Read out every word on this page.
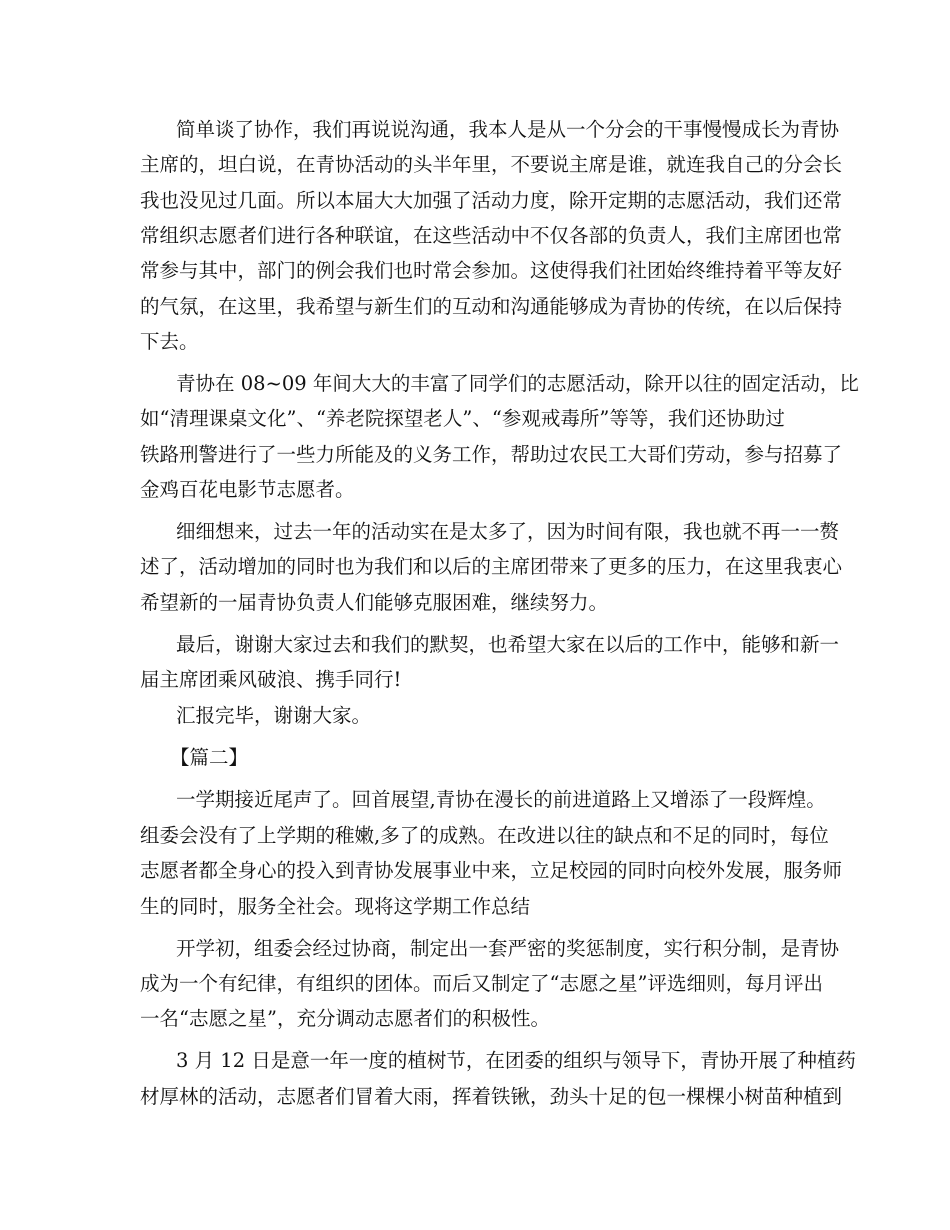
简单谈了协作，我们再说说沟通，我本人是从一个分会的干事慢慢成长为青协
主席的，坦白说，在青协活动的头半年里，不要说主席是谁，就连我自己的分会长
我也没见过几面。所以本届大大加强了活动力度，除开定期的志愿活动，我们还常
常组织志愿者们进行各种联谊，在这些活动中不仅各部的负责人，我们主席团也常
常参与其中，部门的例会我们也时常会参加。这使得我们社团始终维持着平等友好
的气氛，在这里，我希望与新生们的互动和沟通能够成为青协的传统，在以后保持
下去。
青协在 08~09 年间大大的丰富了同学们的志愿活动，除开以往的固定活动，比
如“清理课桌文化”、“养老院探望老人”、“参观戒毒所”等等，我们还协助过
铁路刑警进行了一些力所能及的义务工作，帮助过农民工大哥们劳动，参与招募了
金鸡百花电影节志愿者。
细细想来，过去一年的活动实在是太多了，因为时间有限，我也就不再一一赘
述了，活动增加的同时也为我们和以后的主席团带来了更多的压力，在这里我衷心
希望新的一届青协负责人们能够克服困难，继续努力。
最后，谢谢大家过去和我们的默契，也希望大家在以后的工作中，能够和新一
届主席团乘风破浪、携手同行!
汇报完毕，谢谢大家。
【篇二】
一学期接近尾声了。回首展望,青协在漫长的前进道路上又增添了一段辉煌。
组委会没有了上学期的稚嫩,多了的成熟。在改进以往的缺点和不足的同时，每位
志愿者都全身心的投入到青协发展事业中来，立足校园的同时向校外发展，服务师
生的同时，服务全社会。现将这学期工作总结
开学初，组委会经过协商，制定出一套严密的奖惩制度，实行积分制，是青协
成为一个有纪律，有组织的团体。而后又制定了“志愿之星”评选细则，每月评出
一名“志愿之星”，充分调动志愿者们的积极性。
3 月 12 日是意一年一度的植树节，在团委的组织与领导下，青协开展了种植药
材厚林的活动，志愿者们冒着大雨，挥着铁锹，劲头十足的包一棵棵小树苗种植到
